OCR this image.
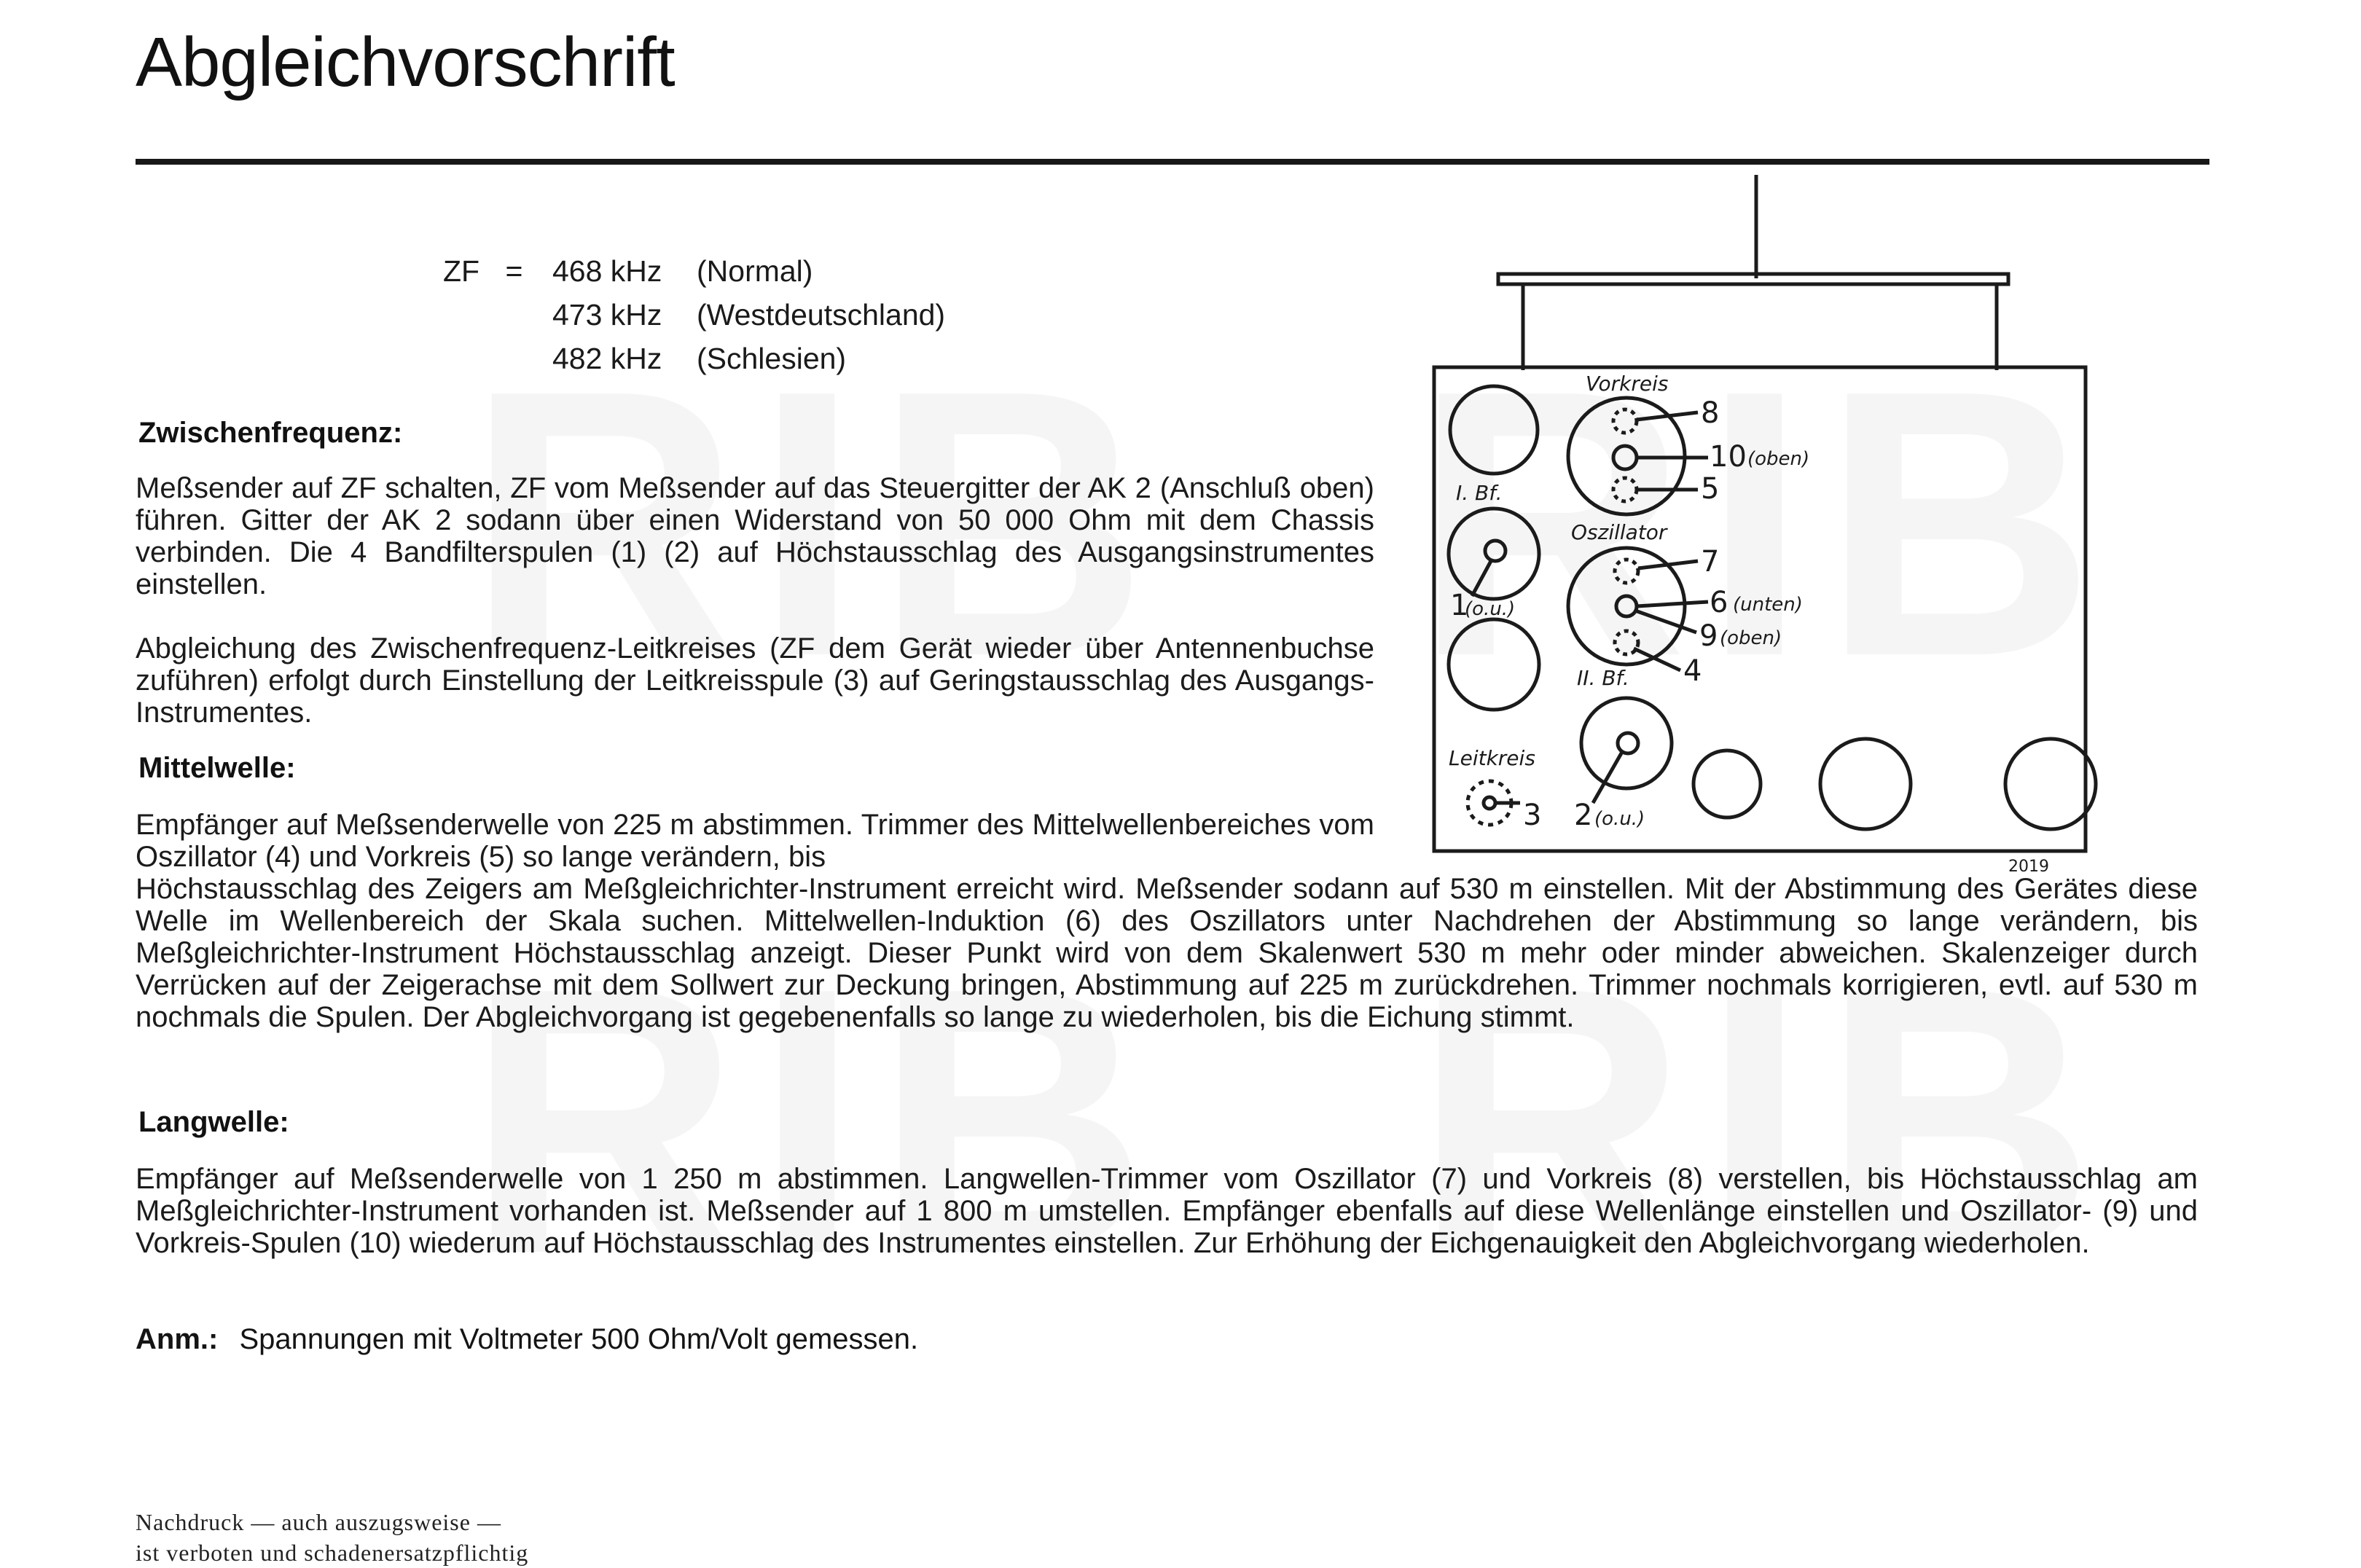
Abgleichvorschrift
ZF = 468 kHz (Normal)
473 kHz (Westdeutschland)
482 kHz (Schlesien)
Zwischenfrequenz:
Meßsender auf ZF schalten, ZF vom Meßsender auf das Steuergitter der AK 2 (Anschluß oben) führen. Gitter der AK 2 sodann über einen Widerstand von 50 000 Ohm mit dem Chassis verbinden. Die 4 Bandfilterspulen (1) (2) auf Höchstausschlag des Ausgangsinstrumentes einstellen.
Abgleichung des Zwischenfrequenz-Leitkreises (ZF dem Gerät wieder über Antennenbuchse zuführen) erfolgt durch Einstellung der Leitkreisspule (3) auf Geringstausschlag des Ausgangs-Instrumentes.
Mittelwelle:
Empfänger auf Meßsenderwelle von 225 m abstimmen. Trimmer des Mittelwellenbereiches vom Oszillator (4) und Vorkreis (5) so lange verändern, bis
Höchstausschlag des Zeigers am Meßgleichrichter-Instrument erreicht wird. Meßsender sodann auf 530 m einstellen. Mit der Abstimmung des Gerätes diese Welle im Wellenbereich der Skala suchen. Mittelwellen-Induktion (6) des Oszillators unter Nachdrehen der Abstimmung so lange verändern, bis Meßgleichrichter-Instrument Höchstausschlag anzeigt. Dieser Punkt wird von dem Skalenwert 530 m mehr oder minder abweichen. Skalenzeiger durch Verrücken auf der Zeigerachse mit dem Sollwert zur Deckung bringen, Abstimmung auf 225 m zurückdrehen. Trimmer nochmals korrigieren, evtl. auf 530 m nochmals die Spulen. Der Abgleichvorgang ist gegebenenfalls so lange zu wiederholen, bis die Eichung stimmt.
Langwelle:
Empfänger auf Meßsenderwelle von 1 250 m abstimmen. Langwellen-Trimmer vom Oszillator (7) und Vorkreis (8) verstellen, bis Höchstausschlag am Meßgleichrichter-Instrument vorhanden ist. Meßsender auf 1 800 m umstellen. Empfänger ebenfalls auf diese Wellenlänge einstellen und Oszillator- (9) und Vorkreis-Spulen (10) wiederum auf Höchstausschlag des Instrumentes einstellen. Zur Erhöhung der Eichgenauigkeit den Abgleichvorgang wiederholen.
Anm.: Spannungen mit Voltmeter 500 Ohm/Volt gemessen.
Nachdruck — auch auszugsweise —
ist verboten und schadenersatzpflichtig
Vorkreis
Oszillator
I. Bf.
II. Bf.
Leitkreis
8
10
5
7
6
9
4
1
2
3
(oben)
(unten)
(oben)
(o.u.)
(o.u.)
2019
